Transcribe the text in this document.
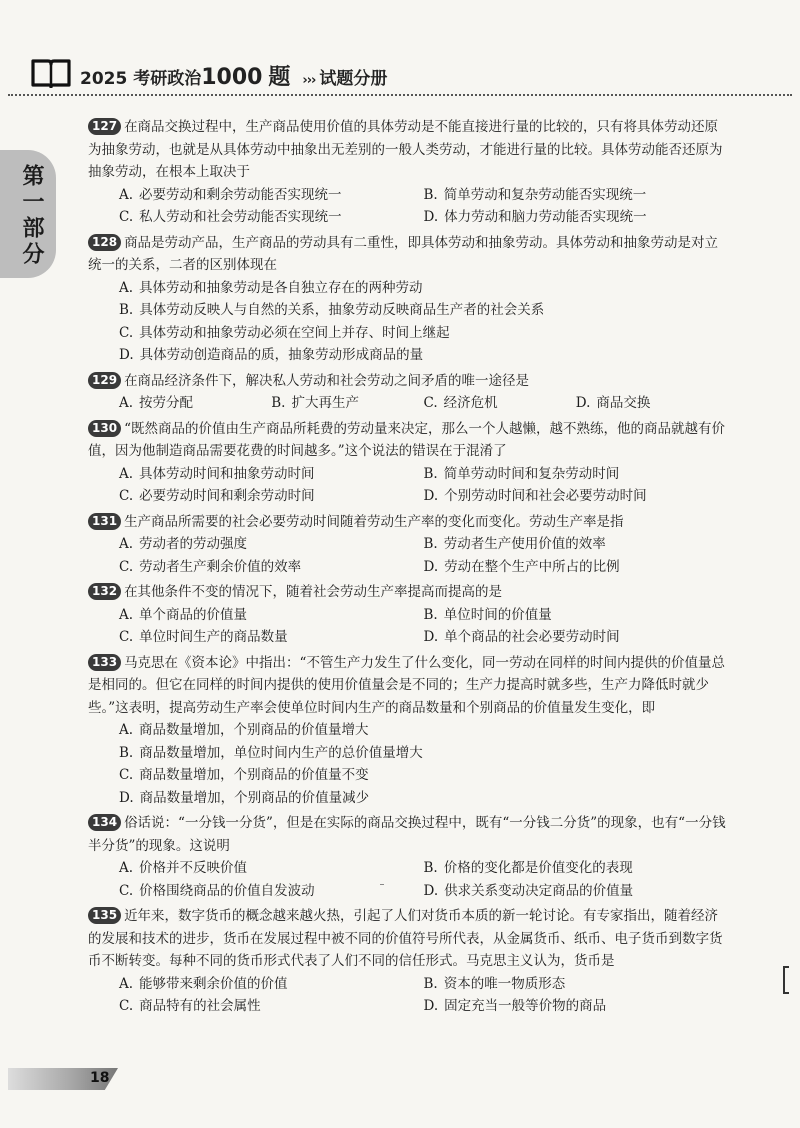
2025 考研政治1000 题 ››› 试题分册
第一部分
127 在商品交换过程中，生产商品使用价值的具体劳动是不能直接进行量的比较的，只有将具体劳动还原为抽象劳动，也就是从具体劳动中抽象出无差别的一般人类劳动，才能进行量的比较。具体劳动能否还原为抽象劳动，在根本上取决于
A. 必要劳动和剩余劳动能否实现统一	B. 简单劳动和复杂劳动能否实现统一
C. 私人劳动和社会劳动能否实现统一	D. 体力劳动和脑力劳动能否实现统一
128 商品是劳动产品，生产商品的劳动具有二重性，即具体劳动和抽象劳动。具体劳动和抽象劳动是对立统一的关系，二者的区别体现在
A. 具体劳动和抽象劳动是各自独立存在的两种劳动
B. 具体劳动反映人与自然的关系，抽象劳动反映商品生产者的社会关系
C. 具体劳动和抽象劳动必须在空间上并存、时间上继起
D. 具体劳动创造商品的质，抽象劳动形成商品的量
129 在商品经济条件下，解决私人劳动和社会劳动之间矛盾的唯一途径是
A. 按劳分配	B. 扩大再生产	C. 经济危机	D. 商品交换
130 “既然商品的价值由生产商品所耗费的劳动量来决定，那么一个人越懒，越不熟练，他的商品就越有价值，因为他制造商品需要花费的时间越多。”这个说法的错误在于混淆了
A. 具体劳动时间和抽象劳动时间	B. 简单劳动时间和复杂劳动时间
C. 必要劳动时间和剩余劳动时间	D. 个别劳动时间和社会必要劳动时间
131 生产商品所需要的社会必要劳动时间随着劳动生产率的变化而变化。劳动生产率是指
A. 劳动者的劳动强度	B. 劳动者生产使用价值的效率
C. 劳动者生产剩余价值的效率	D. 劳动在整个生产中所占的比例
132 在其他条件不变的情况下，随着社会劳动生产率提高而提高的是
A. 单个商品的价值量	B. 单位时间的价值量
C. 单位时间生产的商品数量	D. 单个商品的社会必要劳动时间
133 马克思在《资本论》中指出：“不管生产力发生了什么变化，同一劳动在同样的时间内提供的价值量总是相同的。但它在同样的时间内提供的使用价值量会是不同的；生产力提高时就多些，生产力降低时就少些。”这表明，提高劳动生产率会使单位时间内生产的商品数量和个别商品的价值量发生变化，即
A. 商品数量增加，个别商品的价值量增大
B. 商品数量增加，单位时间内生产的总价值量增大
C. 商品数量增加，个别商品的价值量不变
D. 商品数量增加，个别商品的价值量减少
134 俗话说：“一分钱一分货”，但是在实际的商品交换过程中，既有“一分钱二分货”的现象，也有“一分钱半分货”的现象。这说明
A. 价格并不反映价值	B. 价格的变化都是价值变化的表现
C. 价格围绕商品的价值自发波动	D. 供求关系变动决定商品的价值量
135 近年来，数字货币的概念越来越火热，引起了人们对货币本质的新一轮讨论。有专家指出，随着经济的发展和技术的进步，货币在发展过程中被不同的价值符号所代表，从金属货币、纸币、电子货币到数字货币不断转变。每种不同的货币形式代表了人们不同的信任形式。马克思主义认为，货币是
A. 能够带来剩余价值的价值	B. 资本的唯一物质形态
C. 商品特有的社会属性	D. 固定充当一般等价物的商品
18
